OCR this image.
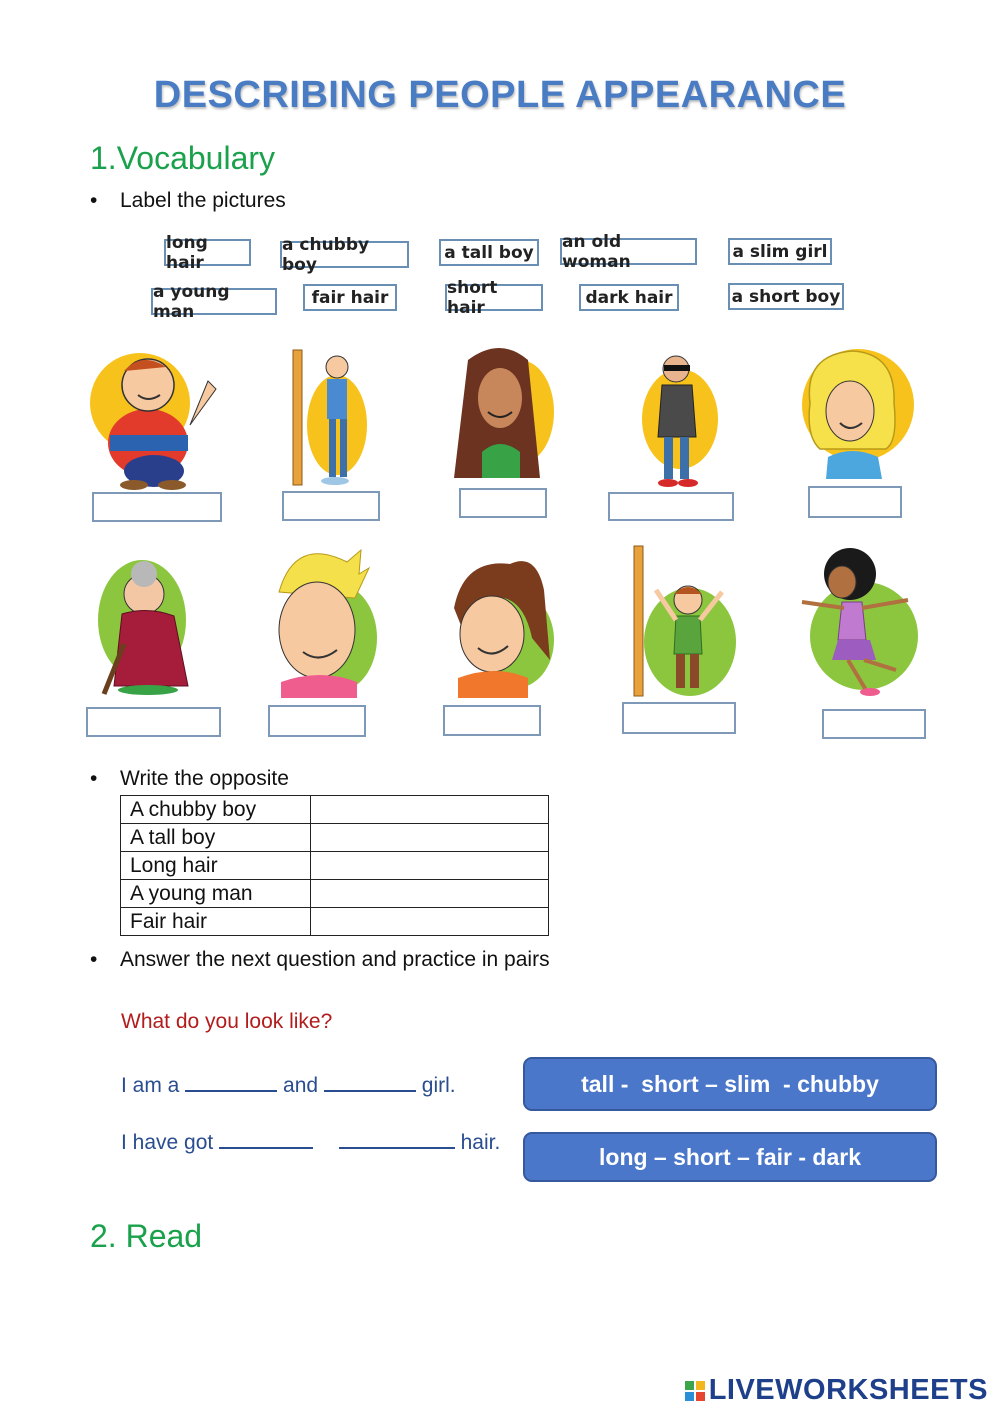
DESCRIBING PEOPLE APPEARANCE
1.Vocabulary
• Label the pictures
long hair
a chubby boy
a tall boy
an old woman	a slim girl
a young man
fair hair	short hair	dark hair	a short boy
• Write the opposite
A chubby boy	
A tall boy	
Long hair	
A young man	
Fair hair	
• Answer the next question and practice in pairs
What do you look like?
I am a	and	girl.
I have got	hair.
tall -  short – slim  - chubby
long – short – fair - dark
2. Read
LIVEWORKSHEETS
